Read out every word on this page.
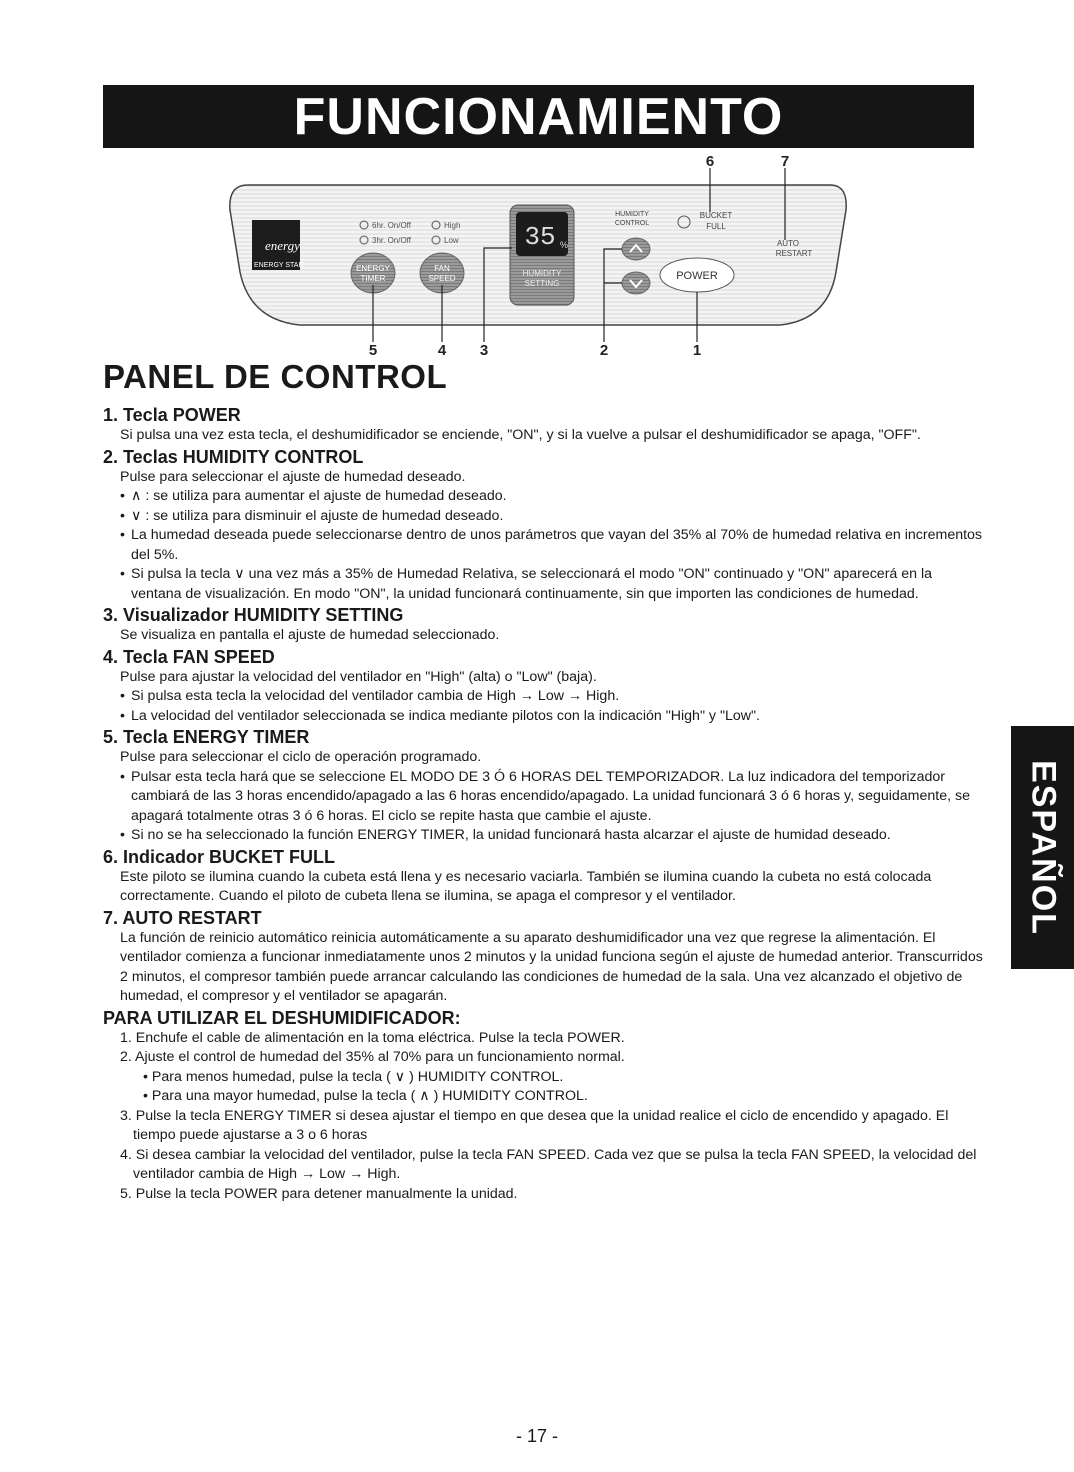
FUNCIONAMIENTO
energy
ENERGY STAR
6hr. On/Off
3hr. On/Off
High
Low
ENERGY
TIMER
FAN
SPEED
35 %
HUMIDITY
SETTING
HUMIDITY
CONTROL
BUCKET
FULL
AUTO
RESTART
POWER
6	7
5	4 3	2	1
PANEL DE CONTROL
1. Tecla POWER

Si pulsa una vez esta tecla, el deshumidificador se enciende, "ON", y si la vuelve a pulsar el deshumidificador se apaga, "OFF".

2. Teclas HUMIDITY CONTROL

Pulse para seleccionar el ajuste de humedad deseado.

• ∧ : se utiliza para aumentar el ajuste de humedad deseado.
• ∨ : se utiliza para disminuir el ajuste de humedad deseado.
• La humedad deseada puede seleccionarse dentro de unos parámetros que vayan del 35% al 70% de humedad relativa en incrementos del 5%.
• Si pulsa la tecla ∨ una vez más a 35% de Humedad Relativa, se seleccionará el modo "ON" continuado y "ON" aparecerá en la ventana de visualización. En modo "ON", la unidad funcionará continuamente, sin que importen las condiciones de humedad.
3. Visualizador HUMIDITY SETTING

Se visualiza en pantalla el ajuste de humedad seleccionado.

4. Tecla FAN SPEED

Pulse para ajustar la velocidad del ventilador en "High" (alta) o "Low" (baja).

• Si pulsa esta tecla la velocidad del ventilador cambia de High → Low → High.
• La velocidad del ventilador seleccionada se indica mediante pilotos con la indicación "High" y "Low".
5. Tecla ENERGY TIMER

Pulse para seleccionar el ciclo de operación programado.

• Pulsar esta tecla hará que se seleccione EL MODO DE 3 Ó 6 HORAS DEL TEMPORIZADOR. La luz indicadora del temporizador cambiará de las 3 horas encendido/apagado a las 6 horas encendido/apagado. La unidad funcionará 3 ó 6 horas y, seguidamente, se apagará totalmente otras 3 ó 6 horas. El ciclo se repite hasta que cambie el ajuste.
• Si no se ha seleccionado la función ENERGY TIMER, la unidad funcionará hasta alcarzar el ajuste de humidad deseado.
6. Indicador BUCKET FULL

Este piloto se ilumina cuando la cubeta está llena y es necesario vaciarla. También se ilumina cuando la cubeta no está colocada correctamente. Cuando el piloto de cubeta llena se ilumina, se apaga el compresor y el ventilador.

7. AUTO RESTART

La función de reinicio automático reinicia automáticamente a su aparato deshumidificador una vez que regrese la alimentación. El ventilador comienza a funcionar inmediatamente unos 2 minutos y la unidad funciona según el ajuste de humedad anterior. Transcurridos 2 minutos, el compresor también puede arrancar calculando las condiciones de humedad de la sala. Una vez alcanzado el objetivo de humedad, el compresor y el ventilador se apagarán.

PARA UTILIZAR EL DESHUMIDIFICADOR:
1. Enchufe el cable de alimentación en la toma eléctrica. Pulse la tecla POWER.
2. Ajuste el control de humedad del 35% al 70% para un funcionamiento normal.
• Para menos humedad, pulse la tecla ( ∨ ) HUMIDITY CONTROL.
• Para una mayor humedad, pulse la tecla ( ∧ ) HUMIDITY CONTROL.
3. Pulse la tecla ENERGY TIMER si desea ajustar el tiempo en que desea que la unidad realice el ciclo de encendido y apagado. El tiempo puede ajustarse a 3 o 6 horas
4. Si desea cambiar la velocidad del ventilador, pulse la tecla FAN SPEED. Cada vez que se pulsa la tecla FAN SPEED, la velocidad del ventilador cambia de High → Low → High.
5. Pulse la tecla POWER para detener manualmente la unidad.
ESPAÑOL
- 17 -
